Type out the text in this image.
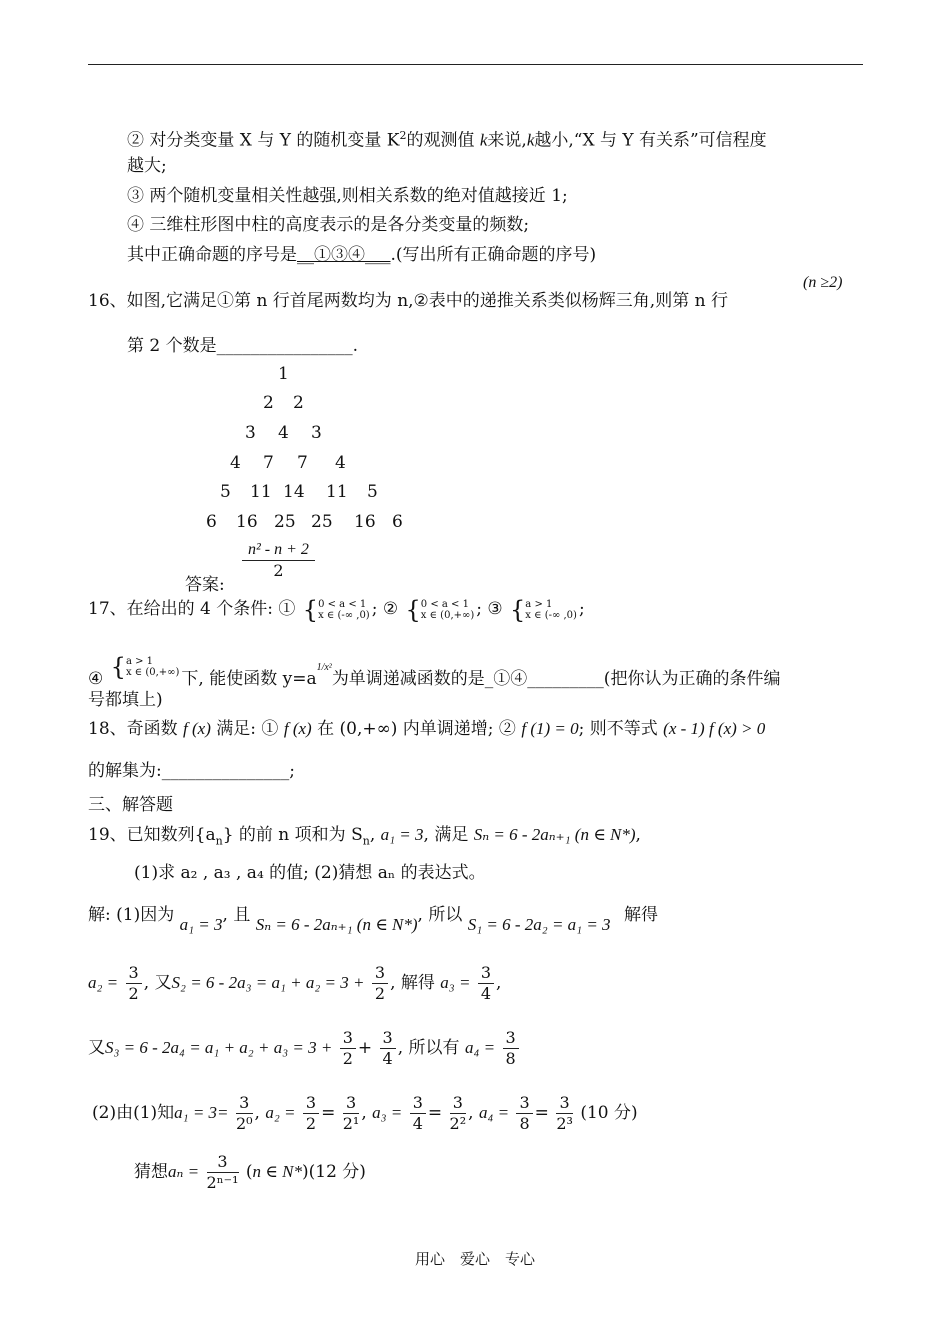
② 对分类变量 X 与 Y 的随机变量 $K^2$的观测值 k来说,k越小,“X 与 Y 有关系”可信程度
越大;
③ 两个随机变量相关性越强,则相关系数的绝对值越接近 1;
④ 三维柱形图中柱的高度表示的是各分类变量的频数;
其中正确命题的序号是__①③④___.(写出所有正确命题的序号)
(n ≥2)
16、如图,它满足①第 n 行首尾两数均为 n,②表中的递推关系类似杨辉三角,则第 n 行
第 2 个数是________________.
1
2 2
3 4 3
4 7 7 4
5 11 14 11 5
6 16 25 25 16 6
答案:
$\frac{\text{n² - n + 2}}{2}$
17、在给出的 4 个条件: ① {0 < a < 1
x ∈ (-∞ ,0) ; ② {0 < a < 1
x ∈ (0,+∞) ; ③ {a > 1
x ∈ (-∞ ,0) ;
④ {a > 1
x ∈ (0,+∞) 下, 能使函数 $y=a^{1/x^2}$为单调递减函数的是_①④_________(把你认为正确的条件编
号都填上)
18、奇函数 f (x) 满足: ① f (x) 在 (0,+∞) 内单调递增; ② f (1) = 0; 则不等式 (x - 1) f (x) > 0
的解集为:_______________;
三、解答题
19、已知数列$\{a_n\}$ 的前 n 项和为 $S_n$, a₁ = 3, 满足 Sₙ = 6 - 2aₙ₊₁ (n ∈ N*),
(1)求 a₂ , a₃ , a₄ 的值; (2)猜想 aₙ 的表达式。
解: (1)因为 a₁ = 3, 且 Sₙ = 6 - 2aₙ₊₁ (n ∈ N*), 所以 S₁ = 6 - 2a₂ = a₁ = 3 解得
$a_2 = \frac{3}{2}$ , 又$S_2 = 6 - 2a_3 = a_1 + a_2 = 3 + \frac{3}{2}$ , 解得 $a_3 = \frac{3}{4}$ ,
又$S_3 = 6 - 2a_4 = a_1 + a_2 + a_3 = 3 + \frac{3}{2} + \frac{3}{4}$ , 所以有 $a_4 = \frac{3}{8}$
(2)由(1)知$a_1 = 3= \frac{3}{\text{2⁰}}$ , $a_2 = \frac{3}{2} = \frac{3}{\text{2¹}}$ , $a_3 = \frac{3}{4} = \frac{3}{\text{2²}}$ , $a_4 = \frac{3}{8} = \frac{3}{\text{2³}} (10$ 分)
猜想$a_n = \frac{3}{\text{2ⁿ⁻¹}} (n$ ∈ N*)(12 分)
用心　爱心　专心
